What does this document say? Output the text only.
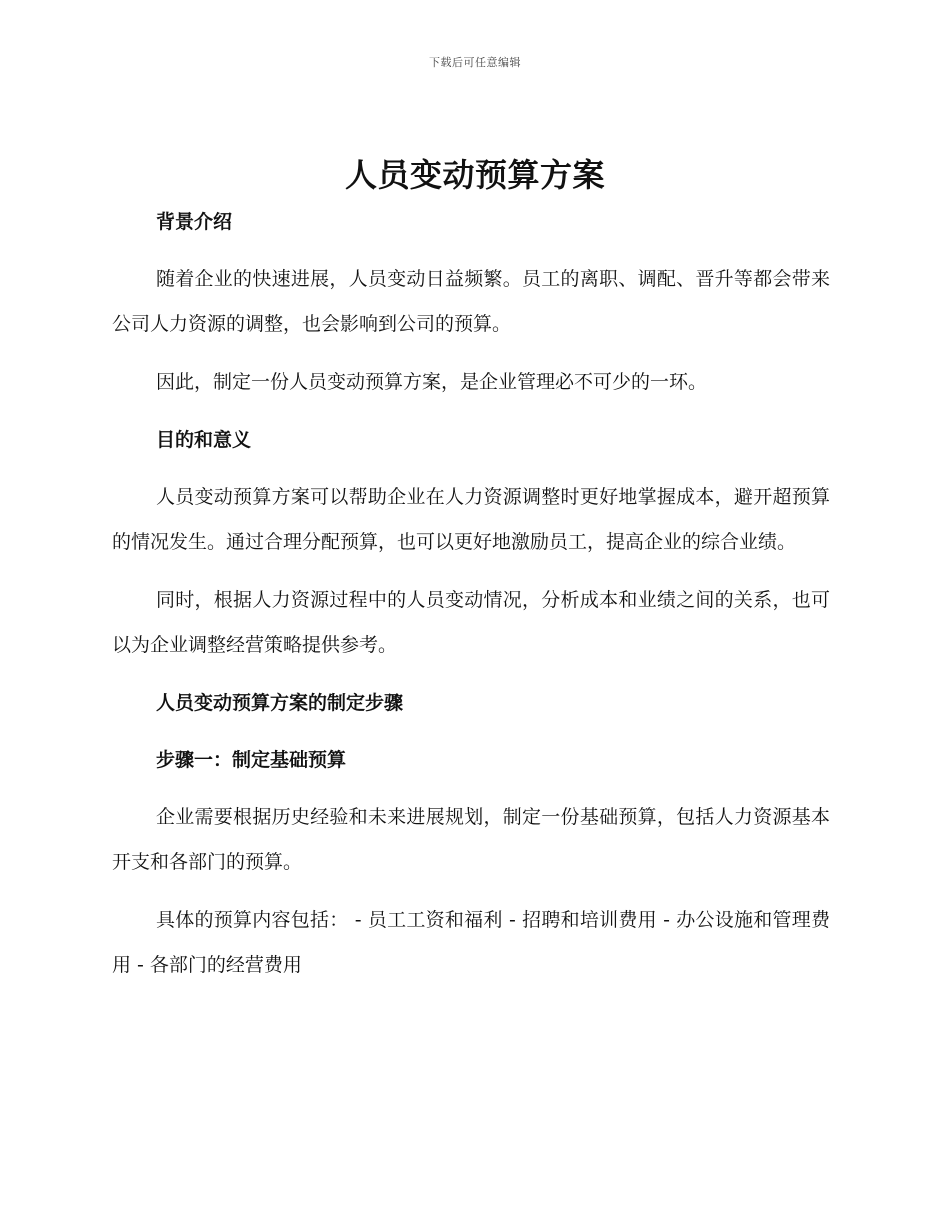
下载后可任意编辑
人员变动预算方案
背景介绍

随着企业的快速进展，人员变动日益频繁。员工的离职、调配、晋升等都会带来公司人力资源的调整，也会影响到公司的预算。

因此，制定一份人员变动预算方案，是企业管理必不可少的一环。

目的和意义

人员变动预算方案可以帮助企业在人力资源调整时更好地掌握成本，避开超预算的情况发生。通过合理分配预算，也可以更好地激励员工，提高企业的综合业绩。

同时，根据人力资源过程中的人员变动情况，分析成本和业绩之间的关系，也可以为企业调整经营策略提供参考。

人员变动预算方案的制定步骤
步骤一：制定基础预算

企业需要根据历史经验和未来进展规划，制定一份基础预算，包括人力资源基本开支和各部门的预算。

具体的预算内容包括： - 员工工资和福利 - 招聘和培训费用 - 办公设施和管理费用 - 各部门的经营费用
